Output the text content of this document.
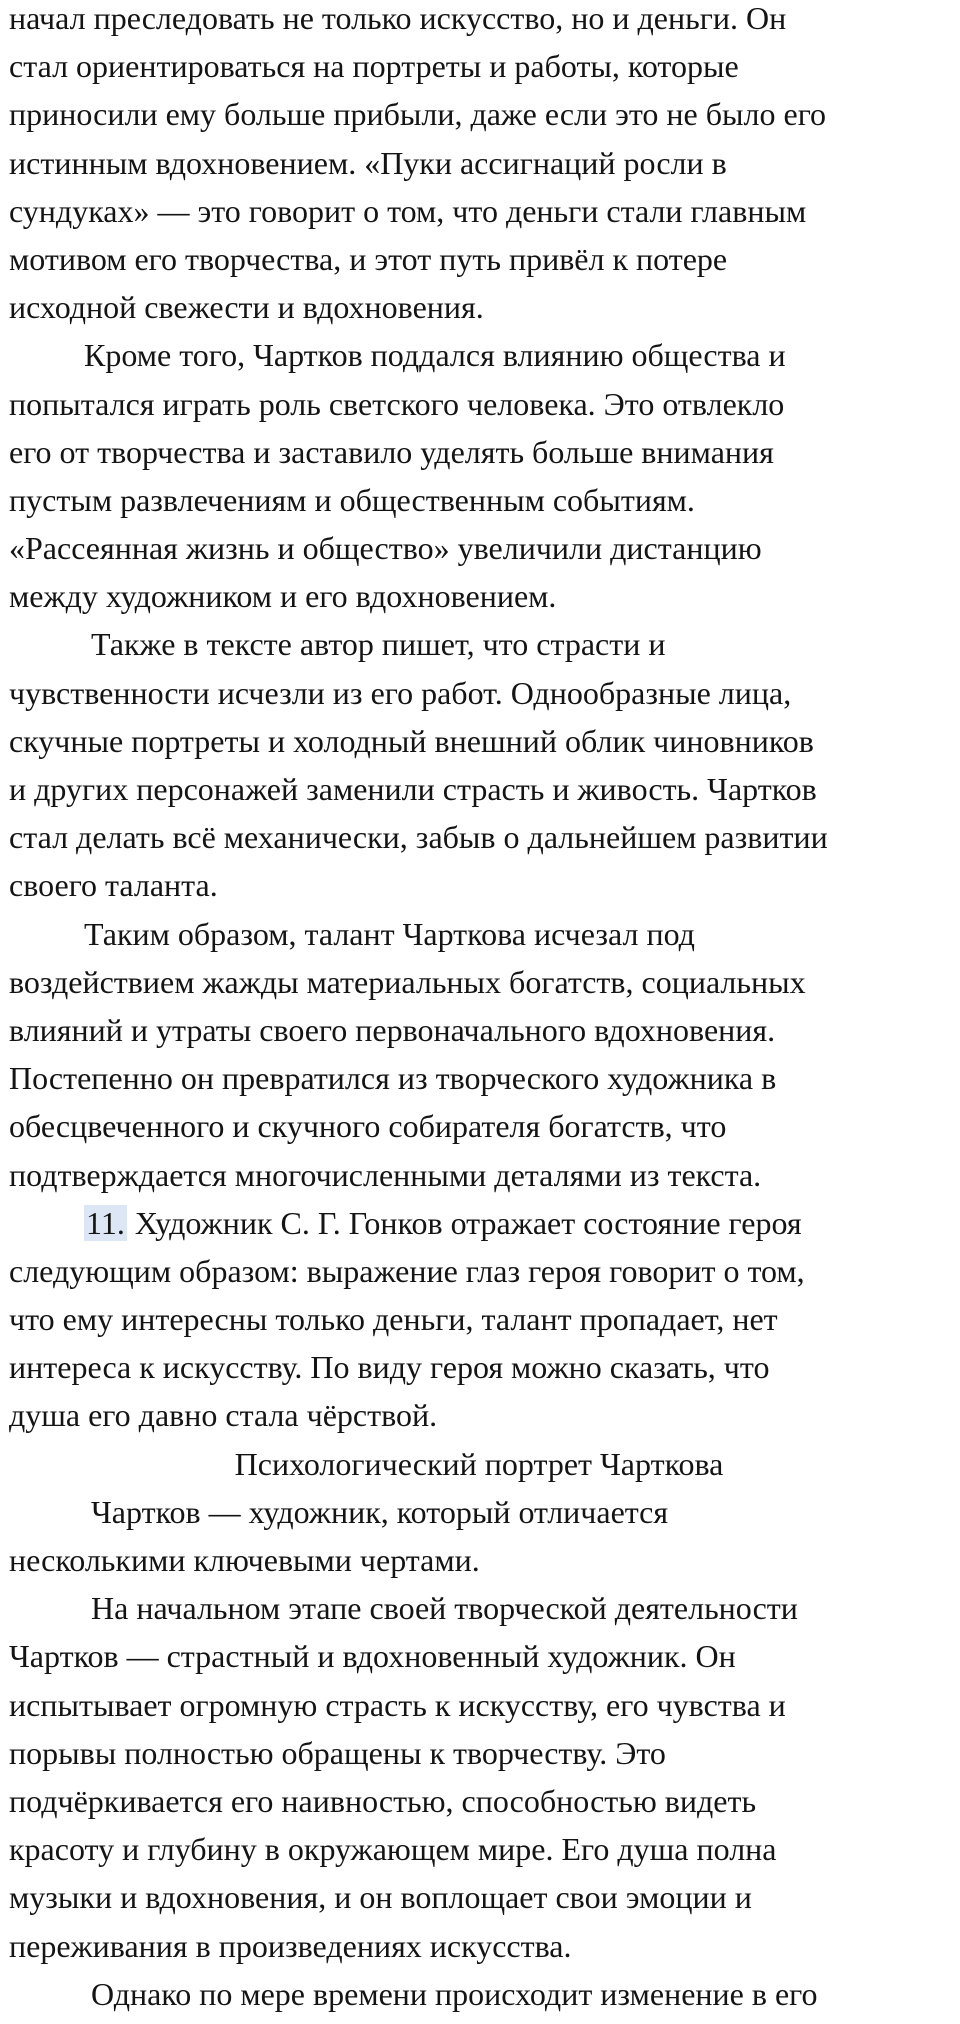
начал преследовать не только искусство, но и деньги. Он
стал ориентироваться на портреты и работы, которые
приносили ему больше прибыли, даже если это не было его
истинным вдохновением. «Пуки ассигнаций росли в
сундуках» — это говорит о том, что деньги стали главным
мотивом его творчества, и этот путь привёл к потере
исходной свежести и вдохновения.
Кроме того, Чартков поддался влиянию общества и
попытался играть роль светского человека. Это отвлекло
его от творчества и заставило уделять больше внимания
пустым развлечениям и общественным событиям.
«Рассеянная жизнь и общество» увеличили дистанцию
между художником и его вдохновением.
Также в тексте автор пишет, что страсти и
чувственности исчезли из его работ. Однообразные лица,
скучные портреты и холодный внешний облик чиновников
и других персонажей заменили страсть и живость. Чартков
стал делать всё механически, забыв о дальнейшем развитии
своего таланта.
Таким образом, талант Чарткова исчезал под
воздействием жажды материальных богатств, социальных
влияний и утраты своего первоначального вдохновения.
Постепенно он превратился из творческого художника в
обесцвеченного и скучного собирателя богатств, что
подтверждается многочисленными деталями из текста.
11. Художник С. Г. Гонков отражает состояние героя
следующим образом: выражение глаз героя говорит о том,
что ему интересны только деньги, талант пропадает, нет
интереса к искусству. По виду героя можно сказать, что
душа его давно стала чёрствой.
Психологический портрет Чарткова
Чартков — художник, который отличается
несколькими ключевыми чертами.
На начальном этапе своей творческой деятельности
Чартков — страстный и вдохновенный художник. Он
испытывает огромную страсть к искусству, его чувства и
порывы полностью обращены к творчеству. Это
подчёркивается его наивностью, способностью видеть
красоту и глубину в окружающем мире. Его душа полна
музыки и вдохновения, и он воплощает свои эмоции и
переживания в произведениях искусства.
Однако по мере времени происходит изменение в его
